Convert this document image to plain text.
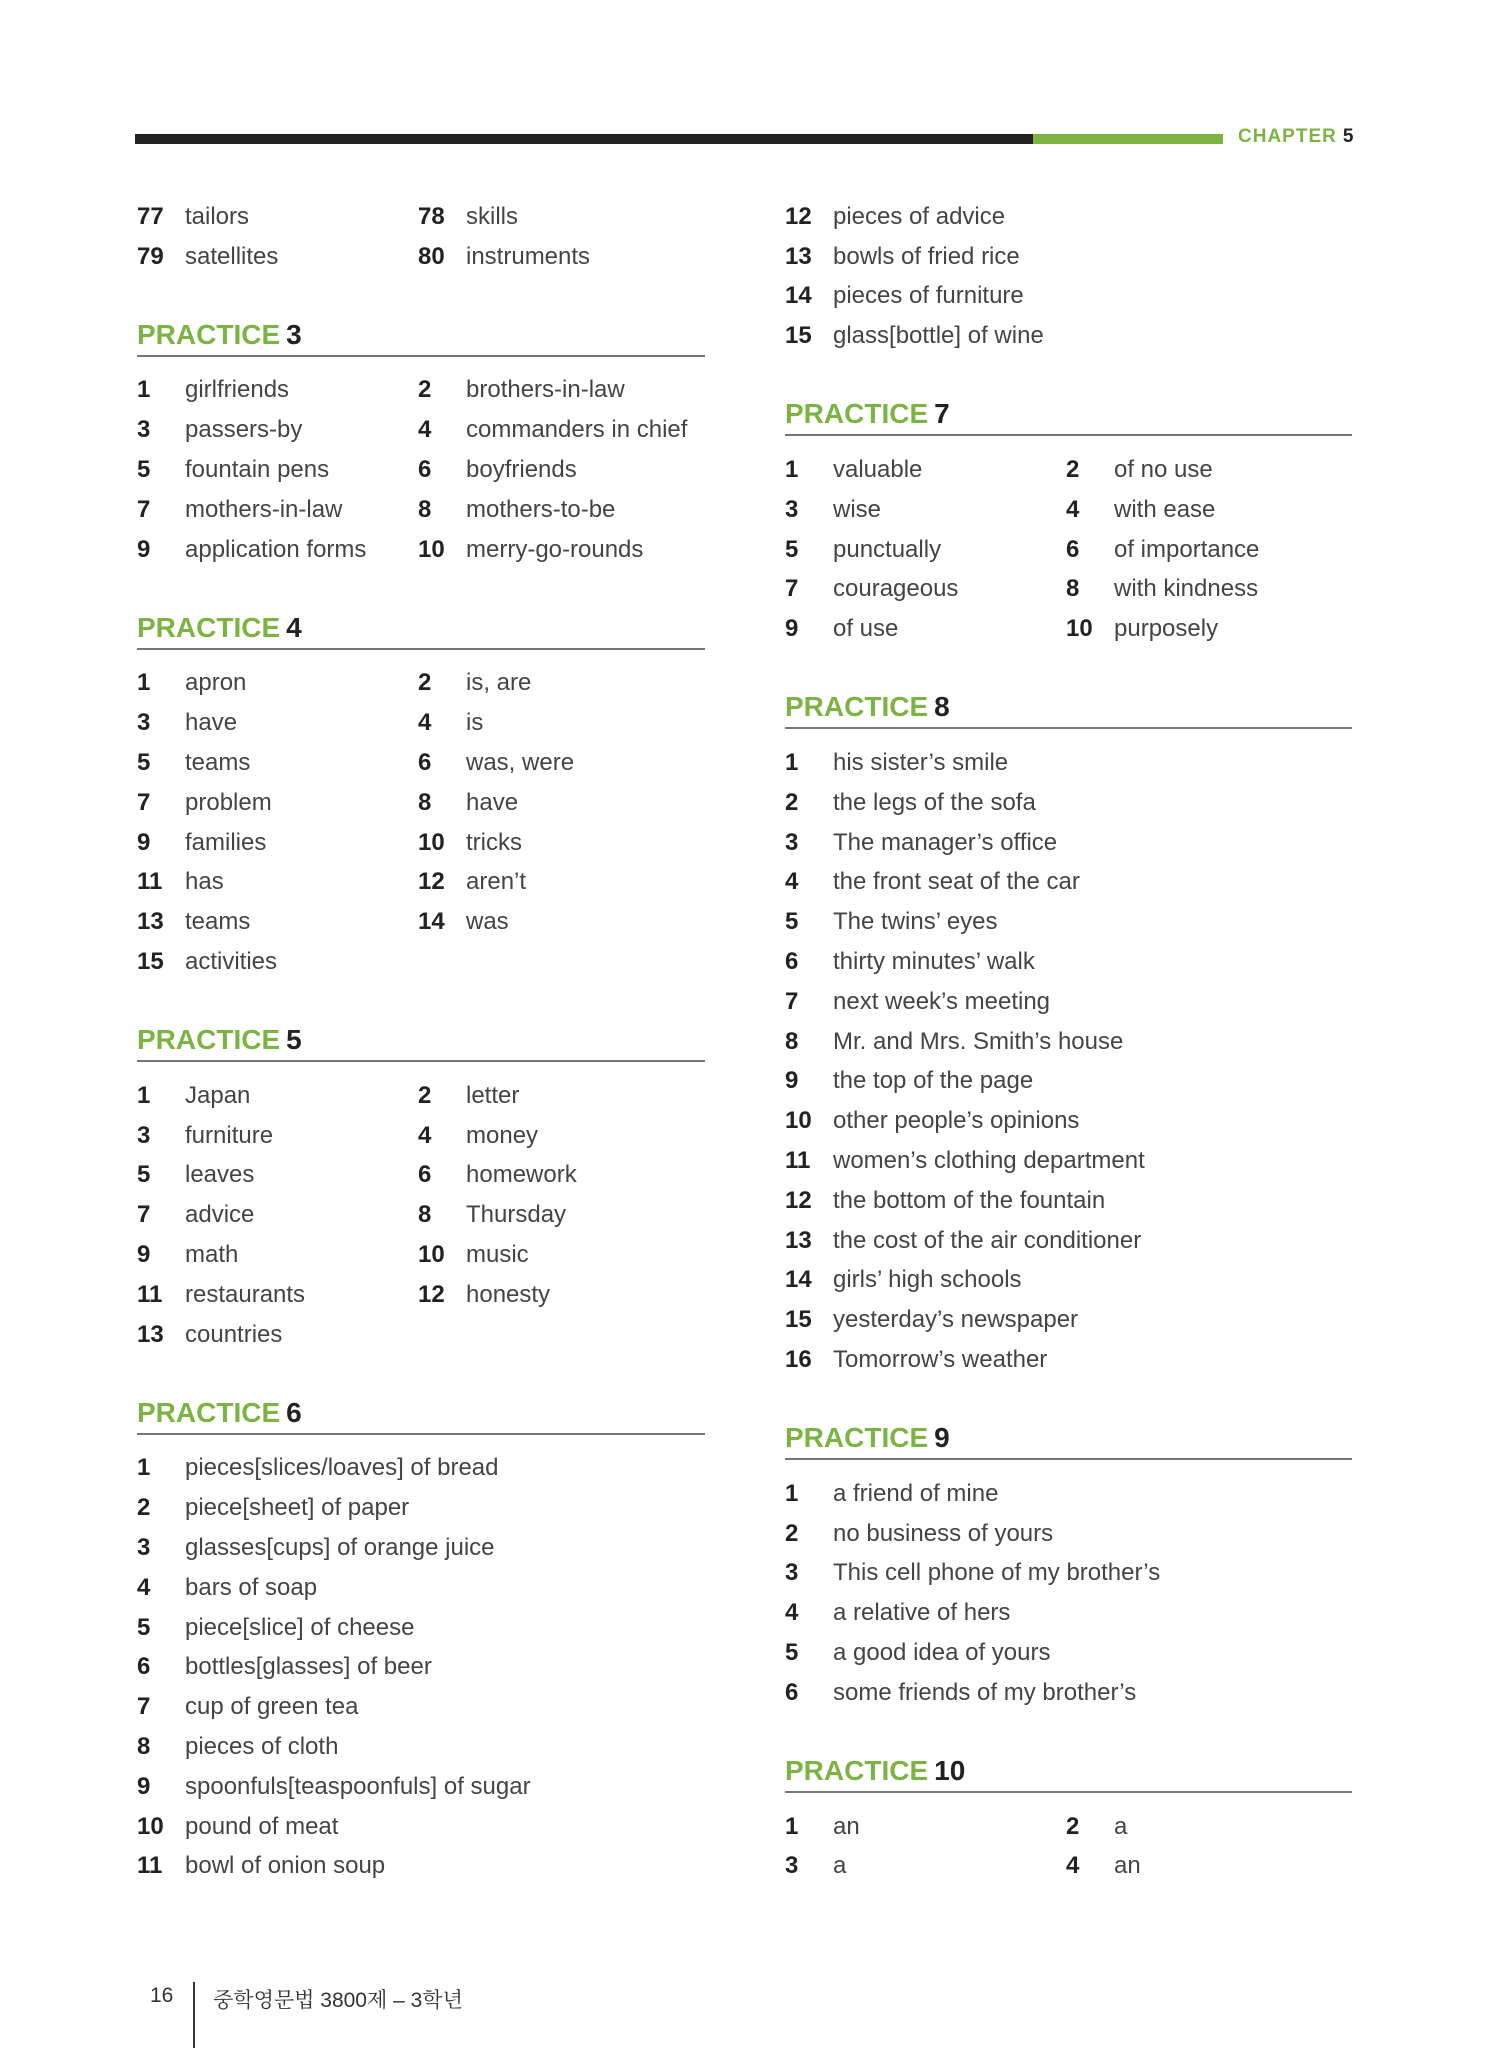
CHAPTER 5
77 tailors	78 skills
79 satellites	80 instruments
PRACTICE 3
1	girlfriends	2	brothers-in-law
3	passers-by	4	commanders in chief
5	fountain pens	6	boyfriends
7	mothers-in-law	8	mothers-to-be
9	application forms 10 merry-go-rounds
PRACTICE 4
1	apron	2	is, are
3	have	4	is
5	teams	6	was, were
7	problem	8	have
9	families	10 tricks
11 has	12 aren’t
13 teams	14 was
15 activities
PRACTICE 5
1	Japan	2	letter
3	furniture	4	money
5	leaves	6	homework
7	advice	8	Thursday
9	math	10 music
11 restaurants	12 honesty
13 countries
PRACTICE 6
1	pieces[slices/loaves] of bread
2	piece[sheet] of paper
3	glasses[cups] of orange juice
4	bars of soap
5	piece[slice] of cheese
6	bottles[glasses] of beer
7	cup of green tea
8	pieces of cloth
9	spoonfuls[teaspoonfuls] of sugar
10 pound of meat
11 bowl of onion soup
12 pieces of advice
13 bowls of fried rice
14 pieces of furniture
15 glass[bottle] of wine
PRACTICE 7
1	valuable	2	of no use
3	wise	4	with ease
5	punctually	6	of importance
7	courageous	8	with kindness
9	of use	10 purposely
PRACTICE 8
1	his sister’s smile
2	the legs of the sofa
3	The manager’s office
4	the front seat of the car
5	The twins’ eyes
6	thirty minutes’ walk
7	next week’s meeting
8	Mr. and Mrs. Smith’s house
9	the top of the page
10 other people’s opinions
11 women’s clothing department
12 the bottom of the fountain
13 the cost of the air conditioner
14 girls’ high schools
15 yesterday’s newspaper
16 Tomorrow’s weather
PRACTICE 9
1	a friend of mine
2	no business of yours
3	This cell phone of my brother’s
4	a relative of hers
5	a good idea of yours
6	some friends of my brother’s
PRACTICE 10
1	an	2	a
3	a	4	an
16 중학영문법 3800제 – 3학년
